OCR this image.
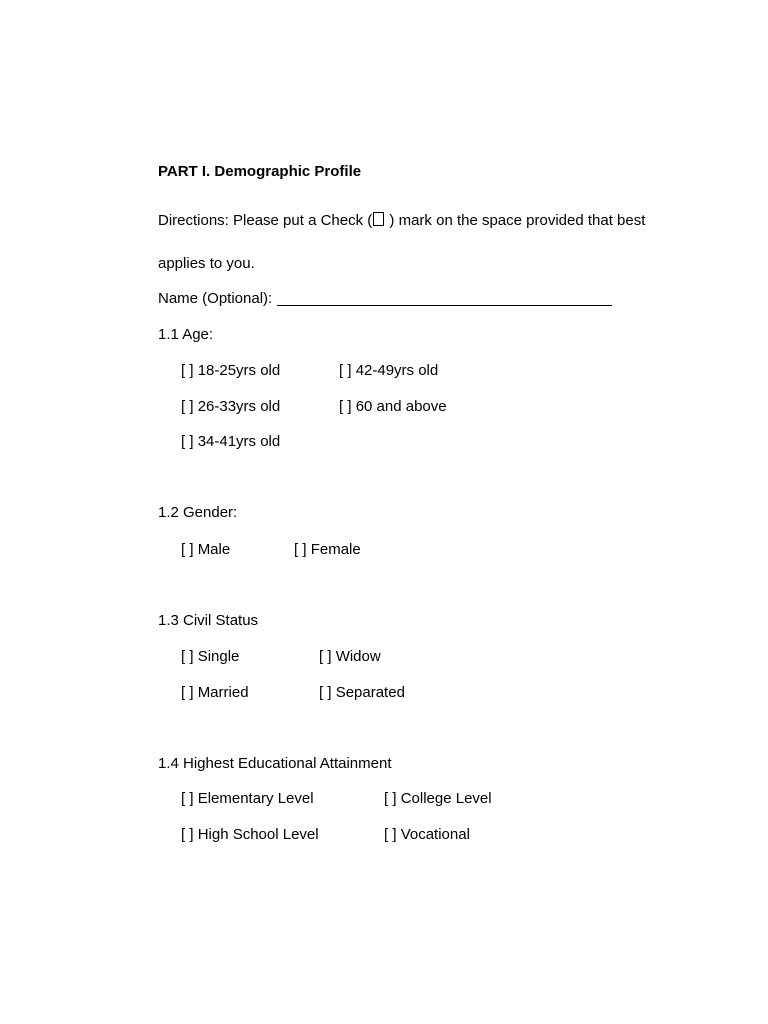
PART I. Demographic Profile
Directions: Please put a Check ( ) mark on the space provided that best
applies to you.
Name (Optional):
1.1 Age:
[ ] 18-25yrs old	[ ] 42-49yrs old
[ ] 26-33yrs old	[ ] 60 and above
[ ] 34-41yrs old
1.2 Gender:
[ ] Male	[ ] Female
1.3 Civil Status
[ ] Single	[ ] Widow
[ ] Married	[ ] Separated
1.4 Highest Educational Attainment
[ ] Elementary Level	[ ] College Level
[ ] High School Level	[ ] Vocational
